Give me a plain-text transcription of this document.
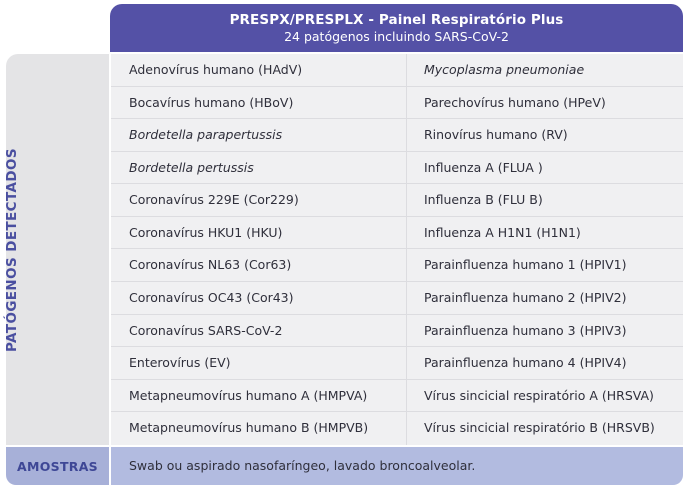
PRESPX/PRESPLX - Painel Respiratório Plus
24 patógenos incluindo SARS-CoV-2
PATÓGENOS DETECTADOS
Adenovírus humano (HAdV)	Mycoplasma pneumoniae
Bocavírus humano (HBoV)	Parechovírus humano (HPeV)
Bordetella parapertussis	Rinovírus humano (RV)
Bordetella pertussis	Influenza A (FLUA )
Coronavírus 229E (Cor229)	Influenza B (FLU B)
Coronavírus HKU1 (HKU)	Influenza A H1N1 (H1N1)
Coronavírus NL63 (Cor63)	Parainfluenza humano 1 (HPIV1)
Coronavírus OC43 (Cor43)	Parainfluenza humano 2 (HPIV2)
Coronavírus SARS-CoV-2	Parainfluenza humano 3 (HPIV3)
Enterovírus (EV)	Parainfluenza humano 4 (HPIV4)
Metapneumovírus humano A (HMPVA)	Vírus sincicial respiratório A (HRSVA)
Metapneumovírus humano B (HMPVB)	Vírus sincicial respiratório B (HRSVB)
AMOSTRAS	Swab ou aspirado nasofaríngeo, lavado broncoalveolar.
